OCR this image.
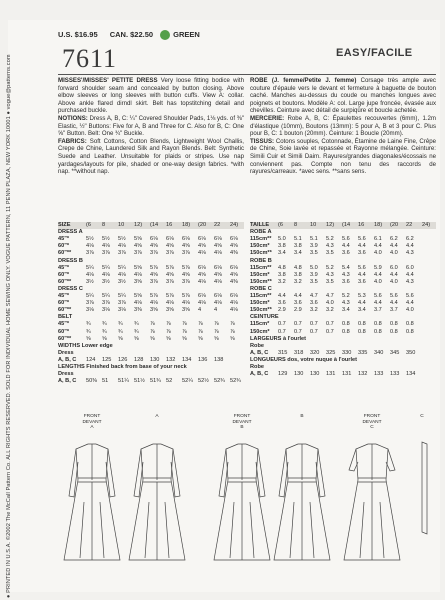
● PRINTED IN U.S.A. ©2002 The McCall Pattern Co. ALL RIGHTS RESERVED. SOLD FOR INDIVIDUAL HOME SEWING ONLY. VOGUE PATTERN, 11 PENN PLAZA, NEW YORK 10001 ● vogue@patterns.com
U.S. $16.95 CAN. $22.50	GREEN
7611	EASY/FACILE
MISSES'/MISSES' PETITE DRESS Very loose fitting bodice with forward shoulder seam and concealed by button closing. Above elbow sleeves or long sleeves with button cuffs. View A: collar. Above ankle flared dirndl skirt. Belt has topstitching detail and purchased buckle.
NOTIONS: Dress A, B, C: ¼" Covered Shoulder Pads, 1⅛ yds. of ⅜" Elastic, ½" Buttons: Five for A, B and Three for C. Also for B, C: One ⅝" Button. Belt: One ¾" Buckle.
FABRICS: Soft Cottons, Cotton Blends, Lightweight Wool Challis, Crepe de Chine, Laundered Silk and Rayon Blends. Belt: Synthetic Suede and Leather. Unsuitable for plaids or stripes. Use nap yardages/layouts for pile, shaded or one-way design fabrics. *with nap. **without nap.
ROBE (J. femme/Petite J. femme) Corsage très ample avec couture d'épaule vers le devant et fermeture à baguette de bouton caché. Manches au-dessus du coude ou manches longues avec poignets et boutons. Modèle A: col. Large jupe froncée, évasée aux chevilles. Ceinture avec détail de surpiqûre et boucle achetée.
MERCERIE: Robe A, B, C: Épaulettes recouvertes (6mm), 1.2m d'élastique (10mm), Boutons (13mm): 5 pour A, B et 3 pour C. Plus pour B, C: 1 bouton (20mm). Ceinture: 1 Boucle (20mm).
TISSUS: Cotons souples, Cotonnade, Étamine de Laine Fine, Crêpe de Chine, Soie lavée et repassée et Rayonne mélangée. Ceinture: Simili Cuir et Simili Daim. Rayures/grandes diagonales/écossais ne conviennent pas. Compte non tenu des raccords de rayures/carreaux. *avec sens. **sans sens.
SIZE	(6 8 10 12) (14 16 18) (20 22 24)
DRESS A
45"*	5½ 5½ 5½ 5⅝ 6⅛ 6⅛ 6⅛ 6⅛ 6⅛ 6⅛
60"*	4⅛ 4⅛ 4⅛ 4⅝ 4⅝ 4⅝ 4⅝ 4⅝ 4⅝ 4⅝
60"**	3⅞ 3⅞ 3⅞ 3⅞ 3⅞ 3⅞ 3⅞ 4⅛ 4⅛ 4⅜
DRESS B
45"*	5¼ 5¼ 5¼ 5⅝ 5⅞ 5⅞ 5⅞ 6⅛ 6⅛ 6⅛
60"*	4⅛ 4⅛ 4⅛ 4⅛ 4⅝ 4⅝ 4⅝ 4⅝ 4⅝ 4⅝
60"**	3½ 3½ 3½ 3⅝ 3⅞ 3⅞ 3⅞ 4⅛ 4⅛ 4⅜
DRESS C
45"*	5¼ 5¼ 5¼ 5⅝ 5⅞ 5⅞ 5⅞ 6⅛ 6⅛ 6⅛
60"*	3⅞ 3⅞ 3⅞ 4⅛ 4⅛ 4⅛ 4⅛ 4⅛ 4⅛ 4⅛
60"**	3⅛ 3⅛ 3⅛ 3⅜ 3⅝ 3⅝ 3⅝ 4 4 4⅛
BELT
45"*	¾ ¾ ¾ ¾ ⅞ ⅞ ⅞ ⅞ ⅞ ⅞
60"*	¾ ¾ ¾ ¾ ⅞ ⅞ ⅞ ⅞ ⅞ ⅞
60"**	⅝ ⅝ ⅝ ⅝ ⅝ ⅝ ⅝ ⅝ ⅝ ⅝
WIDTHS Lower edge
Dress
A, B, C 124 125 126 128 130 132 134 136 138
LENGTHS Finished back from base of your neck
Dress
A, B, C 50⅜ 51 51¼ 51½ 51¾ 52 52¼ 52½ 52¾ 52¾
TAILLE (6 8 10 12) (14 16 18) (20 22 24)
ROBE A
115cm** 5.0 5.1 5.1 5.2 5.6 5.6 6.1 6.2 6.2
150cm* 3.8 3.8 3.9 4.3 4.4 4.4 4.4 4.4 4.4
150cm** 3.4 3.4 3.5 3.5 3.6 3.6 4.0 4.0 4.3
ROBE B
115cm** 4.8 4.8 5.0 5.2 5.4 5.6 5.9 6.0 6.0
150cm* 3.8 3.8 3.9 4.3 4.3 4.4 4.4 4.4 4.4
150cm** 3.2 3.2 3.5 3.5 3.6 3.6 4.0 4.0 4.3
ROBE C
115cm** 4.4 4.4 4.7 4.7 5.2 5.3 5.6 5.6 5.6
150cm* 3.6 3.6 3.6 4.0 4.3 4.4 4.4 4.4 4.4
150cm** 2.9 2.9 3.2 3.2 3.4 3.4 3.7 3.7 4.0
CEINTURE
115cm* 0.7 0.7 0.7 0.7 0.8 0.8 0.8 0.8 0.8
150cm* 0.7 0.7 0.7 0.7 0.8 0.8 0.8 0.8 0.8
LARGEURS à l'ourlet
Robe
A, B, C 315 318 320 325 330 335 340 345 350
LONGUEURS dos, votre nuque à l'ourlet
Robe
A, B, C 129 130 130 131 131 132 133 133 134
FRONT
DEVANT
A
A	FRONT
DEVANT
B
B	FRONT
DEVANT
C
C
